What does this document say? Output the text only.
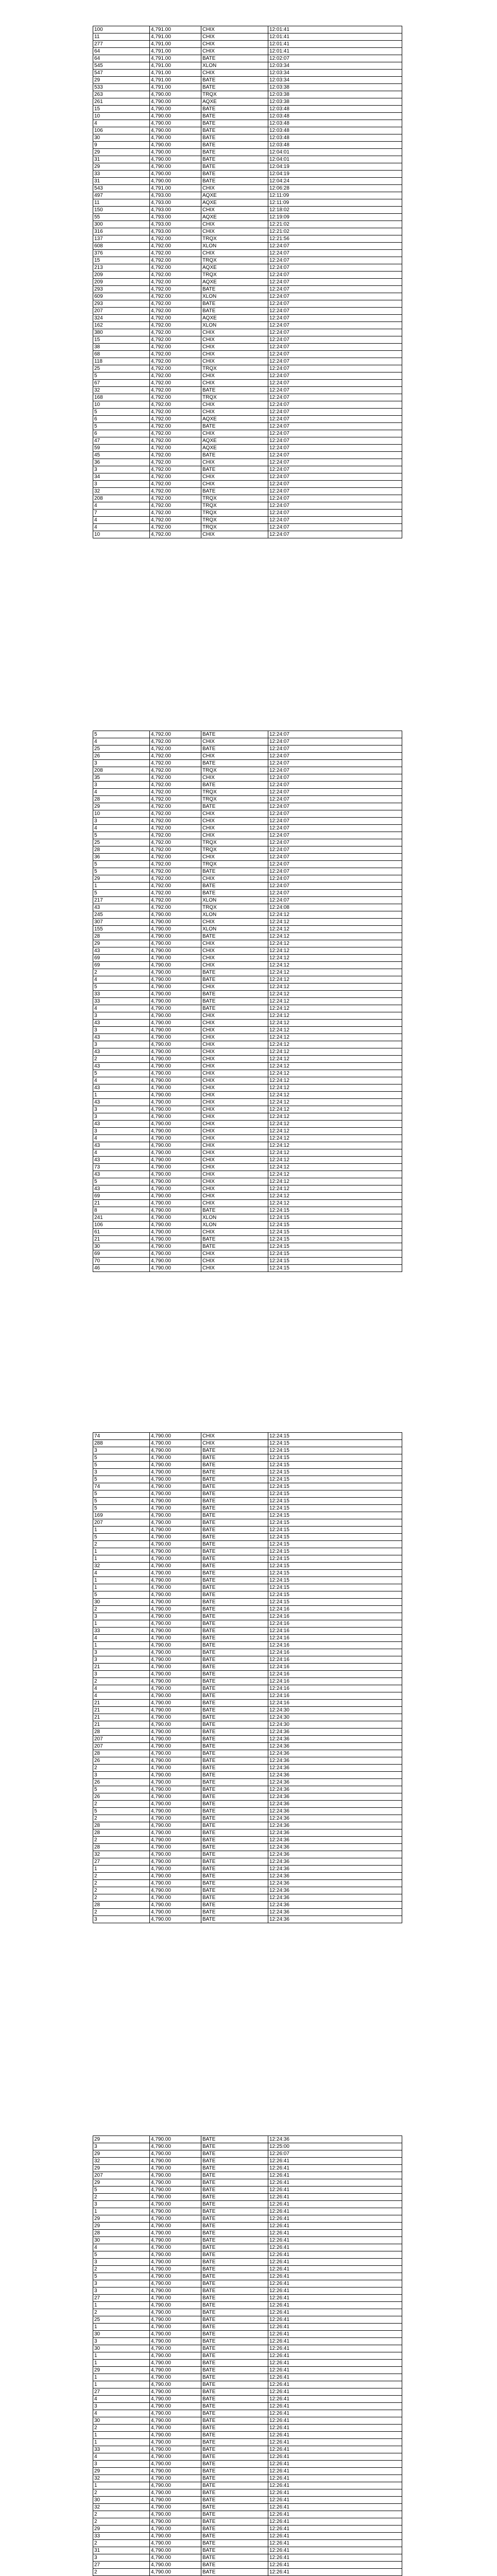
100	4,791.00	CHIX	12:01:41
11	4,791.00	CHIX	12:01:41
277	4,791.00	CHIX	12:01:41
64	4,791.00	CHIX	12:01:41
64	4,791.00	BATE	12:02:07
545	4,791.00	XLON	12:03:34
547	4,791.00	CHIX	12:03:34
29	4,791.00	BATE	12:03:34
533	4,791.00	BATE	12:03:38
263	4,790.00	TRQX	12:03:38
261	4,790.00	AQXE	12:03:38
15	4,790.00	BATE	12:03:48
10	4,790.00	BATE	12:03:48
4	4,790.00	BATE	12:03:48
106	4,790.00	BATE	12:03:48
30	4,790.00	BATE	12:03:48
9	4,790.00	BATE	12:03:48
29	4,790.00	BATE	12:04:01
31	4,790.00	BATE	12:04:01
29	4,790.00	BATE	12:04:19
33	4,790.00	BATE	12:04:19
31	4,790.00	BATE	12:04:24
543	4,791.00	CHIX	12:06:28
497	4,793.00	AQXE	12:11:09
11	4,793.00	AQXE	12:11:09
150	4,793.00	CHIX	12:18:02
55	4,793.00	AQXE	12:19:09
300	4,793.00	CHIX	12:21:02
316	4,793.00	CHIX	12:21:02
137	4,792.00	TRQX	12:21:56
608	4,792.00	XLON	12:24:07
376	4,792.00	CHIX	12:24:07
15	4,792.00	TRQX	12:24:07
213	4,792.00	AQXE	12:24:07
209	4,792.00	TRQX	12:24:07
209	4,792.00	AQXE	12:24:07
293	4,792.00	BATE	12:24:07
609	4,792.00	XLON	12:24:07
293	4,792.00	BATE	12:24:07
207	4,792.00	BATE	12:24:07
324	4,792.00	AQXE	12:24:07
162	4,792.00	XLON	12:24:07
380	4,792.00	CHIX	12:24:07
15	4,792.00	CHIX	12:24:07
38	4,792.00	CHIX	12:24:07
68	4,792.00	CHIX	12:24:07
118	4,792.00	CHIX	12:24:07
25	4,792.00	TRQX	12:24:07
5	4,792.00	CHIX	12:24:07
67	4,792.00	CHIX	12:24:07
32	4,792.00	BATE	12:24:07
168	4,792.00	TRQX	12:24:07
10	4,792.00	CHIX	12:24:07
5	4,792.00	CHIX	12:24:07
6	4,792.00	AQXE	12:24:07
5	4,792.00	BATE	12:24:07
6	4,792.00	CHIX	12:24:07
47	4,792.00	AQXE	12:24:07
59	4,792.00	AQXE	12:24:07
45	4,792.00	BATE	12:24:07
36	4,792.00	CHIX	12:24:07
3	4,792.00	BATE	12:24:07
34	4,792.00	CHIX	12:24:07
3	4,792.00	CHIX	12:24:07
32	4,792.00	BATE	12:24:07
208	4,792.00	TRQX	12:24:07
4	4,792.00	TRQX	12:24:07
7	4,792.00	TRQX	12:24:07
4	4,792.00	TRQX	12:24:07
4	4,792.00	TRQX	12:24:07
10	4,792.00	CHIX	12:24:07
5	4,792.00	BATE	12:24:07
4	4,792.00	CHIX	12:24:07
25	4,792.00	BATE	12:24:07
26	4,792.00	CHIX	12:24:07
3	4,792.00	BATE	12:24:07
208	4,792.00	TRQX	12:24:07
35	4,792.00	CHIX	12:24:07
3	4,792.00	BATE	12:24:07
4	4,792.00	TRQX	12:24:07
28	4,792.00	TRQX	12:24:07
29	4,792.00	BATE	12:24:07
10	4,792.00	CHIX	12:24:07
3	4,792.00	CHIX	12:24:07
4	4,792.00	CHIX	12:24:07
5	4,792.00	CHIX	12:24:07
25	4,792.00	TRQX	12:24:07
28	4,792.00	TRQX	12:24:07
36	4,792.00	CHIX	12:24:07
5	4,792.00	TRQX	12:24:07
5	4,792.00	BATE	12:24:07
29	4,792.00	CHIX	12:24:07
1	4,792.00	BATE	12:24:07
5	4,792.00	BATE	12:24:07
217	4,792.00	XLON	12:24:07
43	4,792.00	TRQX	12:24:08
245	4,790.00	XLON	12:24:12
307	4,790.00	CHIX	12:24:12
155	4,790.00	XLON	12:24:12
28	4,790.00	BATE	12:24:12
29	4,790.00	CHIX	12:24:12
43	4,790.00	CHIX	12:24:12
69	4,790.00	CHIX	12:24:12
69	4,790.00	CHIX	12:24:12
2	4,790.00	BATE	12:24:12
4	4,790.00	BATE	12:24:12
5	4,790.00	CHIX	12:24:12
33	4,790.00	BATE	12:24:12
33	4,790.00	BATE	12:24:12
4	4,790.00	BATE	12:24:12
3	4,790.00	CHIX	12:24:12
43	4,790.00	CHIX	12:24:12
3	4,790.00	CHIX	12:24:12
43	4,790.00	CHIX	12:24:12
3	4,790.00	CHIX	12:24:12
43	4,790.00	CHIX	12:24:12
2	4,790.00	CHIX	12:24:12
43	4,790.00	CHIX	12:24:12
5	4,790.00	CHIX	12:24:12
4	4,790.00	CHIX	12:24:12
43	4,790.00	CHIX	12:24:12
1	4,790.00	CHIX	12:24:12
43	4,790.00	CHIX	12:24:12
3	4,790.00	CHIX	12:24:12
3	4,790.00	CHIX	12:24:12
43	4,790.00	CHIX	12:24:12
3	4,790.00	CHIX	12:24:12
4	4,790.00	CHIX	12:24:12
43	4,790.00	CHIX	12:24:12
4	4,790.00	CHIX	12:24:12
43	4,790.00	CHIX	12:24:12
73	4,790.00	CHIX	12:24:12
43	4,790.00	CHIX	12:24:12
5	4,790.00	CHIX	12:24:12
43	4,790.00	CHIX	12:24:12
69	4,790.00	CHIX	12:24:12
21	4,790.00	CHIX	12:24:12
8	4,790.00	BATE	12:24:15
241	4,790.00	XLON	12:24:15
106	4,790.00	XLON	12:24:15
61	4,790.00	CHIX	12:24:15
21	4,790.00	BATE	12:24:15
30	4,790.00	BATE	12:24:15
69	4,790.00	CHIX	12:24:15
70	4,790.00	CHIX	12:24:15
46	4,790.00	CHIX	12:24:15
74	4,790.00	CHIX	12:24:15
288	4,790.00	CHIX	12:24:15
3	4,790.00	BATE	12:24:15
5	4,790.00	BATE	12:24:15
5	4,790.00	BATE	12:24:15
3	4,790.00	BATE	12:24:15
5	4,790.00	BATE	12:24:15
74	4,790.00	BATE	12:24:15
5	4,790.00	BATE	12:24:15
5	4,790.00	BATE	12:24:15
5	4,790.00	BATE	12:24:15
169	4,790.00	BATE	12:24:15
207	4,790.00	BATE	12:24:15
1	4,790.00	BATE	12:24:15
5	4,790.00	BATE	12:24:15
2	4,790.00	BATE	12:24:15
1	4,790.00	BATE	12:24:15
1	4,790.00	BATE	12:24:15
32	4,790.00	BATE	12:24:15
4	4,790.00	BATE	12:24:15
1	4,790.00	BATE	12:24:15
1	4,790.00	BATE	12:24:15
5	4,790.00	BATE	12:24:15
30	4,790.00	BATE	12:24:15
2	4,790.00	BATE	12:24:16
3	4,790.00	BATE	12:24:16
1	4,790.00	BATE	12:24:16
33	4,790.00	BATE	12:24:16
4	4,790.00	BATE	12:24:16
1	4,790.00	BATE	12:24:16
3	4,790.00	BATE	12:24:16
3	4,790.00	BATE	12:24:16
21	4,790.00	BATE	12:24:16
3	4,790.00	BATE	12:24:16
2	4,790.00	BATE	12:24:16
4	4,790.00	BATE	12:24:16
4	4,790.00	BATE	12:24:16
21	4,790.00	BATE	12:24:16
21	4,790.00	BATE	12:24:30
21	4,790.00	BATE	12:24:30
21	4,790.00	BATE	12:24:30
28	4,790.00	BATE	12:24:36
207	4,790.00	BATE	12:24:36
207	4,790.00	BATE	12:24:36
28	4,790.00	BATE	12:24:36
26	4,790.00	BATE	12:24:36
2	4,790.00	BATE	12:24:36
3	4,790.00	BATE	12:24:36
26	4,790.00	BATE	12:24:36
5	4,790.00	BATE	12:24:36
26	4,790.00	BATE	12:24:36
2	4,790.00	BATE	12:24:36
5	4,790.00	BATE	12:24:36
2	4,790.00	BATE	12:24:36
28	4,790.00	BATE	12:24:36
28	4,790.00	BATE	12:24:36
2	4,790.00	BATE	12:24:36
28	4,790.00	BATE	12:24:36
32	4,790.00	BATE	12:24:36
27	4,790.00	BATE	12:24:36
1	4,790.00	BATE	12:24:36
2	4,790.00	BATE	12:24:36
2	4,790.00	BATE	12:24:36
2	4,790.00	BATE	12:24:36
2	4,790.00	BATE	12:24:36
28	4,790.00	BATE	12:24:36
2	4,790.00	BATE	12:24:36
3	4,790.00	BATE	12:24:36
29	4,790.00	BATE	12:24:36
3	4,790.00	BATE	12:25:00
29	4,790.00	BATE	12:26:07
32	4,790.00	BATE	12:26:41
29	4,790.00	BATE	12:26:41
207	4,790.00	BATE	12:26:41
29	4,790.00	BATE	12:26:41
5	4,790.00	BATE	12:26:41
2	4,790.00	BATE	12:26:41
3	4,790.00	BATE	12:26:41
1	4,790.00	BATE	12:26:41
29	4,790.00	BATE	12:26:41
29	4,790.00	BATE	12:26:41
28	4,790.00	BATE	12:26:41
30	4,790.00	BATE	12:26:41
4	4,790.00	BATE	12:26:41
5	4,790.00	BATE	12:26:41
3	4,790.00	BATE	12:26:41
2	4,790.00	BATE	12:26:41
5	4,790.00	BATE	12:26:41
3	4,790.00	BATE	12:26:41
3	4,790.00	BATE	12:26:41
27	4,790.00	BATE	12:26:41
1	4,790.00	BATE	12:26:41
2	4,790.00	BATE	12:26:41
25	4,790.00	BATE	12:26:41
1	4,790.00	BATE	12:26:41
30	4,790.00	BATE	12:26:41
3	4,790.00	BATE	12:26:41
30	4,790.00	BATE	12:26:41
1	4,790.00	BATE	12:26:41
1	4,790.00	BATE	12:26:41
29	4,790.00	BATE	12:26:41
1	4,790.00	BATE	12:26:41
1	4,790.00	BATE	12:26:41
27	4,790.00	BATE	12:26:41
4	4,790.00	BATE	12:26:41
3	4,790.00	BATE	12:26:41
4	4,790.00	BATE	12:26:41
30	4,790.00	BATE	12:26:41
2	4,790.00	BATE	12:26:41
1	4,790.00	BATE	12:26:41
1	4,790.00	BATE	12:26:41
33	4,790.00	BATE	12:26:41
4	4,790.00	BATE	12:26:41
3	4,790.00	BATE	12:26:41
29	4,790.00	BATE	12:26:41
32	4,790.00	BATE	12:26:41
1	4,790.00	BATE	12:26:41
2	4,790.00	BATE	12:26:41
30	4,790.00	BATE	12:26:41
32	4,790.00	BATE	12:26:41
2	4,790.00	BATE	12:26:41
2	4,790.00	BATE	12:26:41
29	4,790.00	BATE	12:26:41
33	4,790.00	BATE	12:26:41
2	4,790.00	BATE	12:26:41
31	4,790.00	BATE	12:26:41
3	4,790.00	BATE	12:26:41
27	4,790.00	BATE	12:26:41
2	4,790.00	BATE	12:26:41
